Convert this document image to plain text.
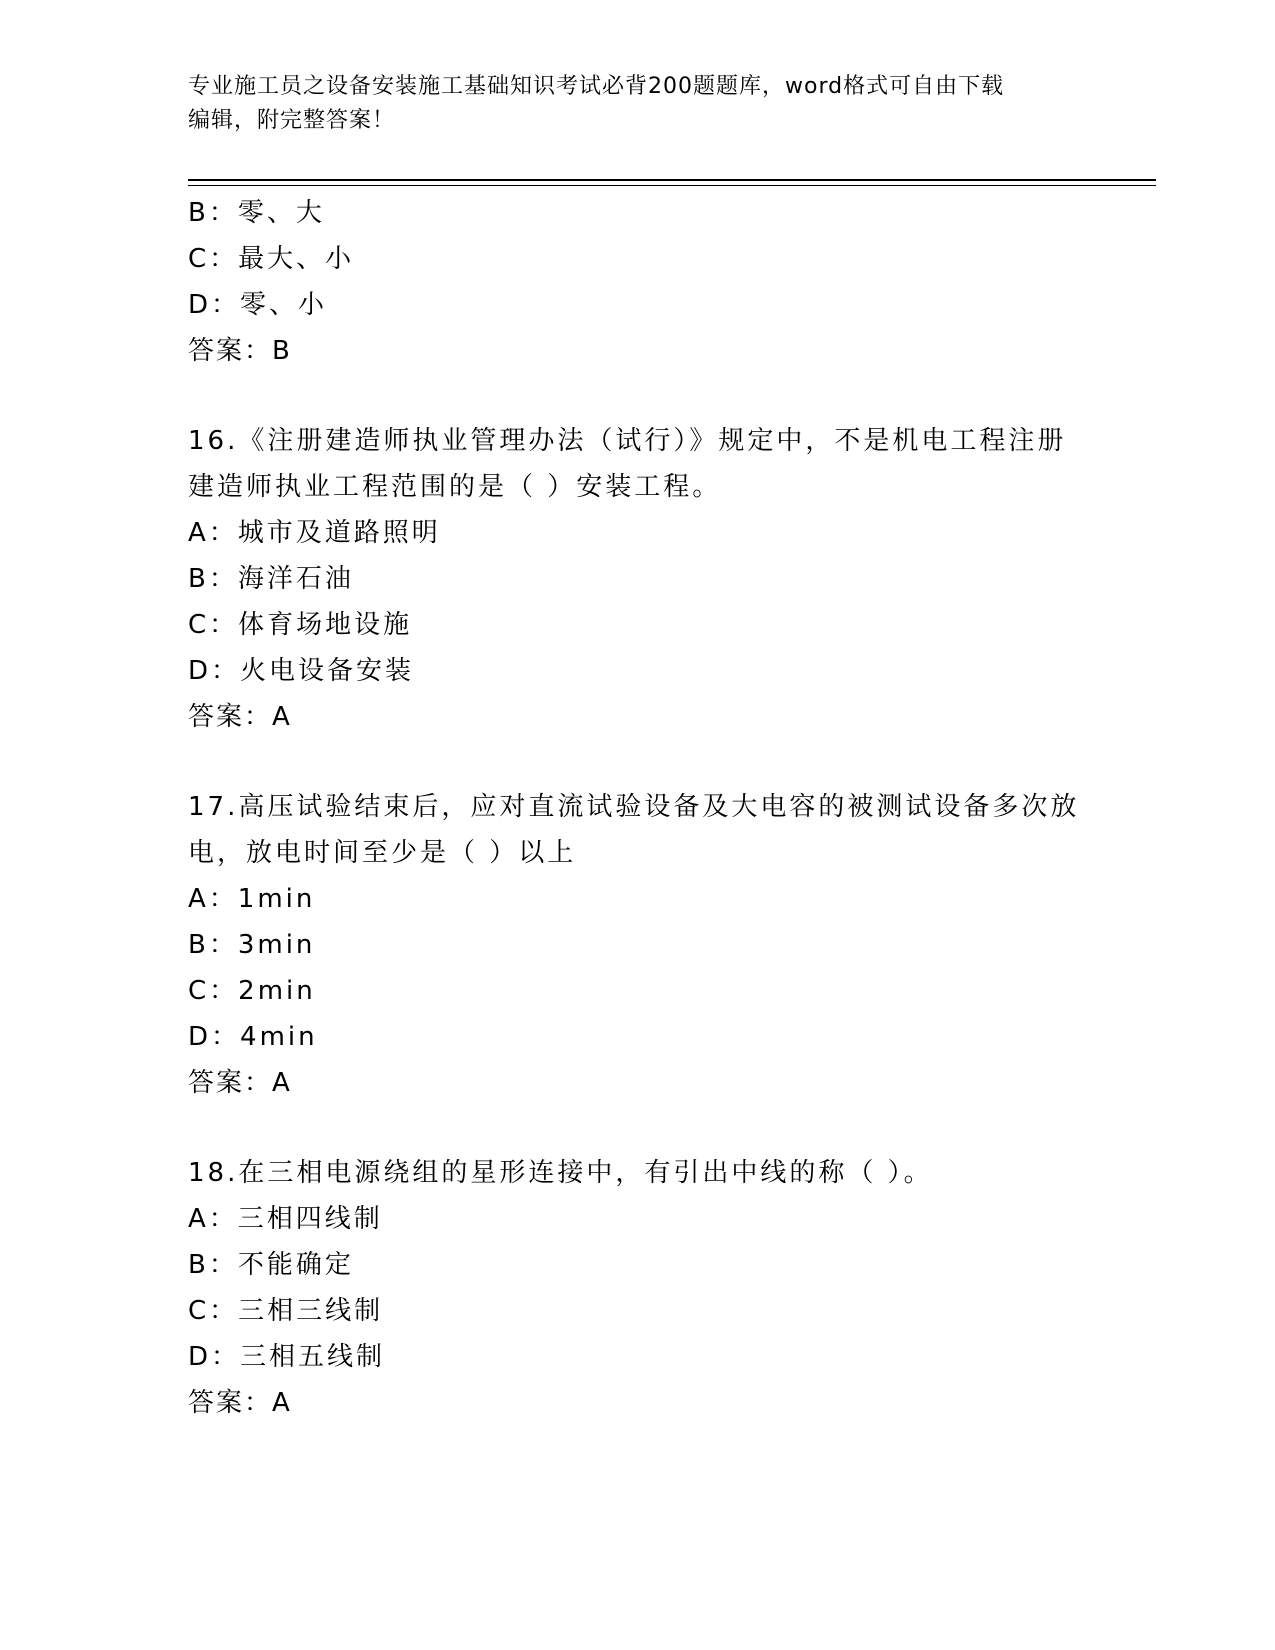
专业施工员之设备安装施工基础知识考试必背200题题库，word格式可自由下载
编辑，附完整答案！
B：零、大
C：最大、小
D：零、小
答案：B
16.《注册建造师执业管理办法（试行）》规定中，不是机电工程注册
建造师执业工程范围的是（ ）安装工程。
A：城市及道路照明
B：海洋石油
C：体育场地设施
D：火电设备安装
答案：A
17.高压试验结束后，应对直流试验设备及大电容的被测试设备多次放
电，放电时间至少是（ ）以上
A：1min
B：3min
C：2min
D：4min
答案：A
18.在三相电源绕组的星形连接中，有引出中线的称（ ）。
A：三相四线制
B：不能确定
C：三相三线制
D：三相五线制
答案：A
